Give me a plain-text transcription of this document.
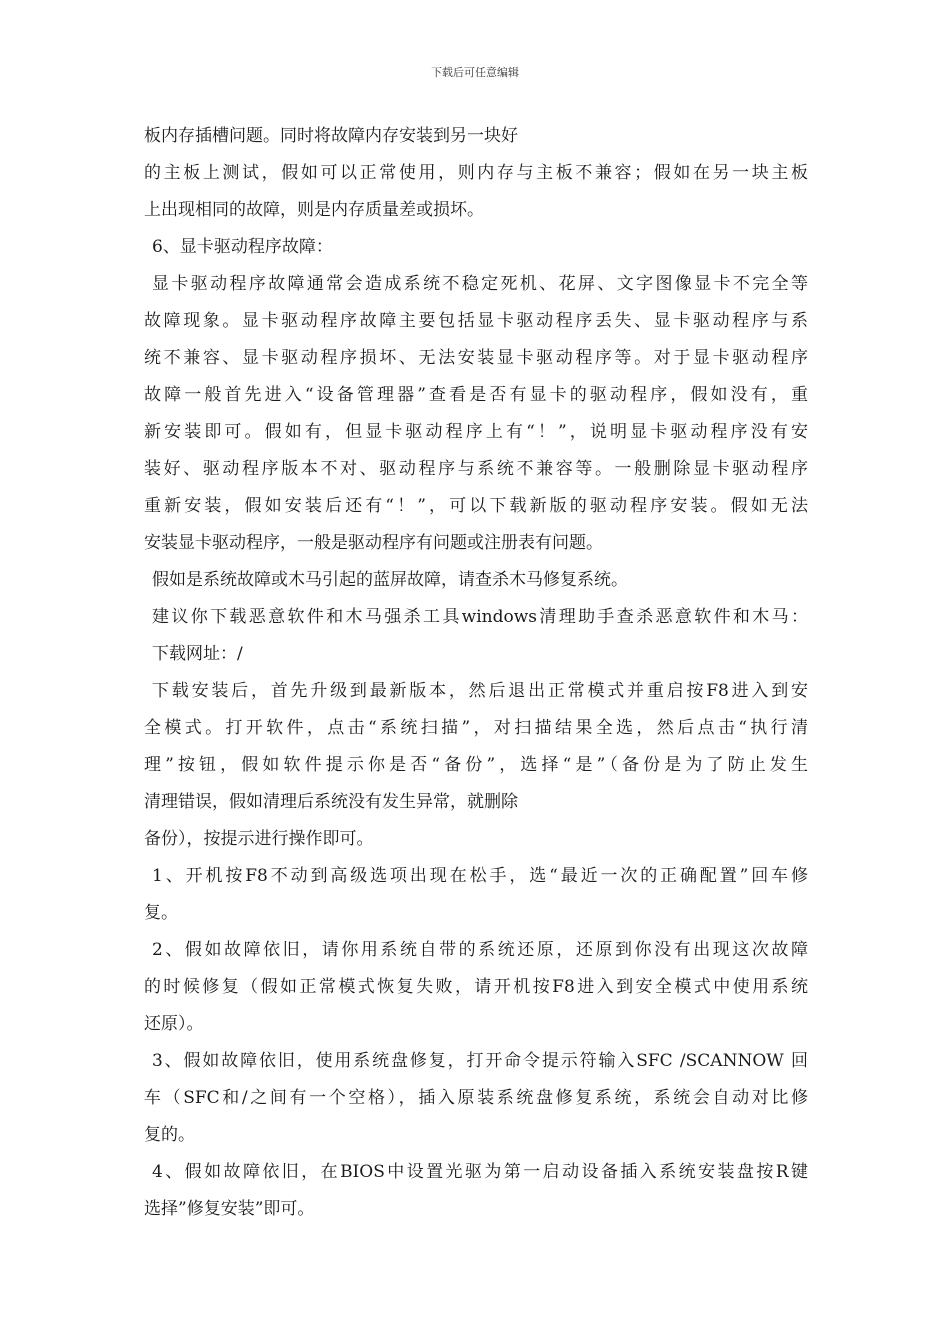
下载后可任意编辑
板内存插槽问题。同时将故障内存安装到另一块好
的主板上测试，假如可以正常使用，则内存与主板不兼容；假如在另一块主板
上出现相同的故障，则是内存质量差或损坏。
6、显卡驱动程序故障：
显卡驱动程序故障通常会造成系统不稳定死机、花屏、文字图像显卡不完全等
故障现象。显卡驱动程序故障主要包括显卡驱动程序丢失、显卡驱动程序与系
统不兼容、显卡驱动程序损坏、无法安装显卡驱动程序等。对于显卡驱动程序
故障一般首先进入“设备管理器”查看是否有显卡的驱动程序，假如没有，重
新安装即可。假如有，但显卡驱动程序上有“！”，说明显卡驱动程序没有安
装好、驱动程序版本不对、驱动程序与系统不兼容等。一般删除显卡驱动程序
重新安装，假如安装后还有“！”，可以下载新版的驱动程序安装。假如无法
安装显卡驱动程序，一般是驱动程序有问题或注册表有问题。
假如是系统故障或木马引起的蓝屏故障，请查杀木马修复系统。
建议你下载恶意软件和木马强杀工具windows清理助手查杀恶意软件和木马：
下载网址：/
下载安装后，首先升级到最新版本，然后退出正常模式并重启按F8进入到安
全模式。打开软件，点击“系统扫描”，对扫描结果全选，然后点击“执行清
理”按钮，假如软件提示你是否“备份”，选择“是”（备份是为了防止发生
清理错误，假如清理后系统没有发生异常，就删除
备份），按提示进行操作即可。
1、开机按F8不动到高级选项出现在松手，选“最近一次的正确配置”回车修
复。
2、假如故障依旧，请你用系统自带的系统还原，还原到你没有出现这次故障
的时候修复（假如正常模式恢复失败，请开机按F8进入到安全模式中使用系统
还原）。
3、假如故障依旧，使用系统盘修复，打开命令提示符输入SFC /SCANNOW 回
车（SFC和/之间有一个空格），插入原装系统盘修复系统，系统会自动对比修
复的。
4、假如故障依旧，在BIOS中设置光驱为第一启动设备插入系统安装盘按R键
选择”修复安装”即可。
